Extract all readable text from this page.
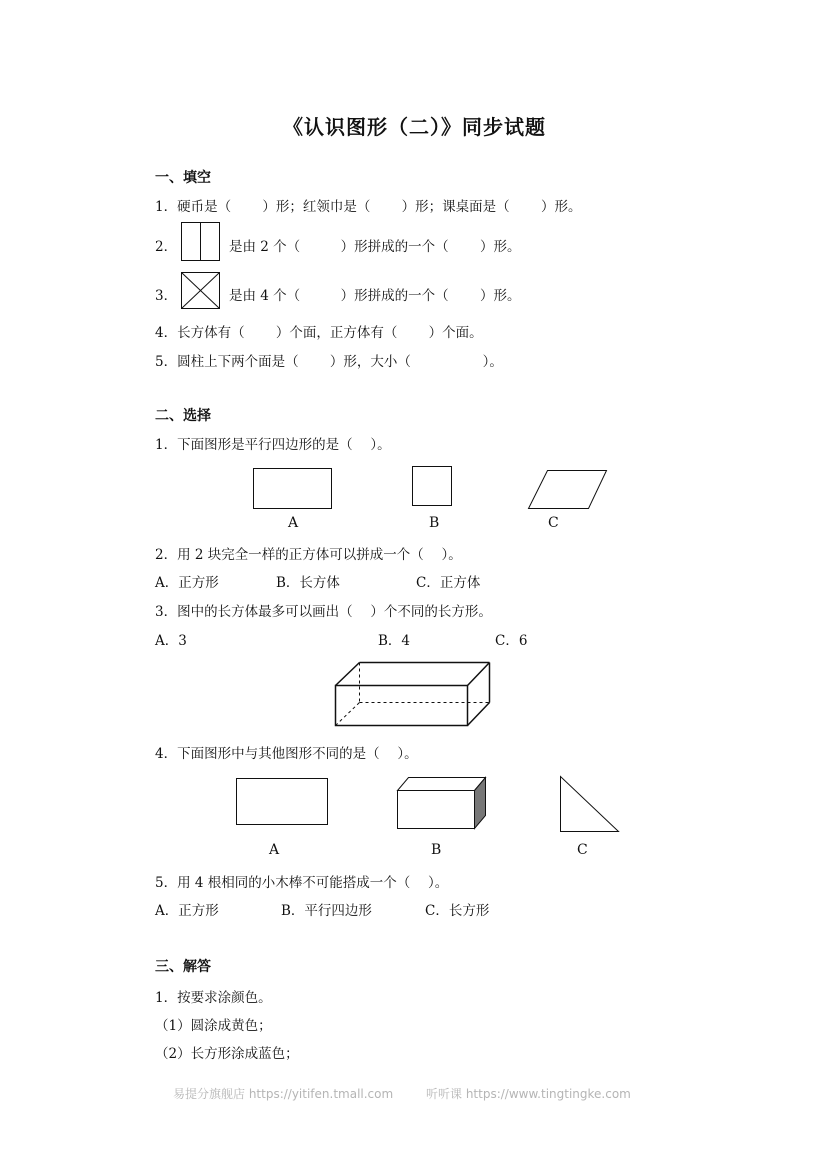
《认识图形（二）》同步试题
一、填空
1．硬币是（　　 ）形；红领巾是（　　 ）形；课桌面是（　　 ）形。
2．	是由 2 个（　　　）形拼成的一个（　　 ）形。
3．	是由 4 个（　　　）形拼成的一个（　　 ）形。
4．长方体有（　　 ）个面，正方体有（　　 ）个面。
5．圆柱上下两个面是（　　 ）形，大小（　　　　　 ）。
二、选择
1．下面图形是平行四边形的是（　 ）。
A	B	C
2．用 2 块完全一样的正方体可以拼成一个（　 ）。
A．正方形	B．长方体	C．正方体
3．图中的长方体最多可以画出（　 ）个不同的长方形。
A．3	B．4	C．6
4．下面图形中与其他图形不同的是（　 ）。
A	B	C
5．用 4 根相同的小木棒不可能搭成一个（　 ）。
A．正方形	B．平行四边形	C．长方形
三、解答
1．按要求涂颜色。
（1）圆涂成黄色；
（2）长方形涂成蓝色；
易提分旗舰店 https://yitifen.tmall.com	听听课 https://www.tingtingke.com
